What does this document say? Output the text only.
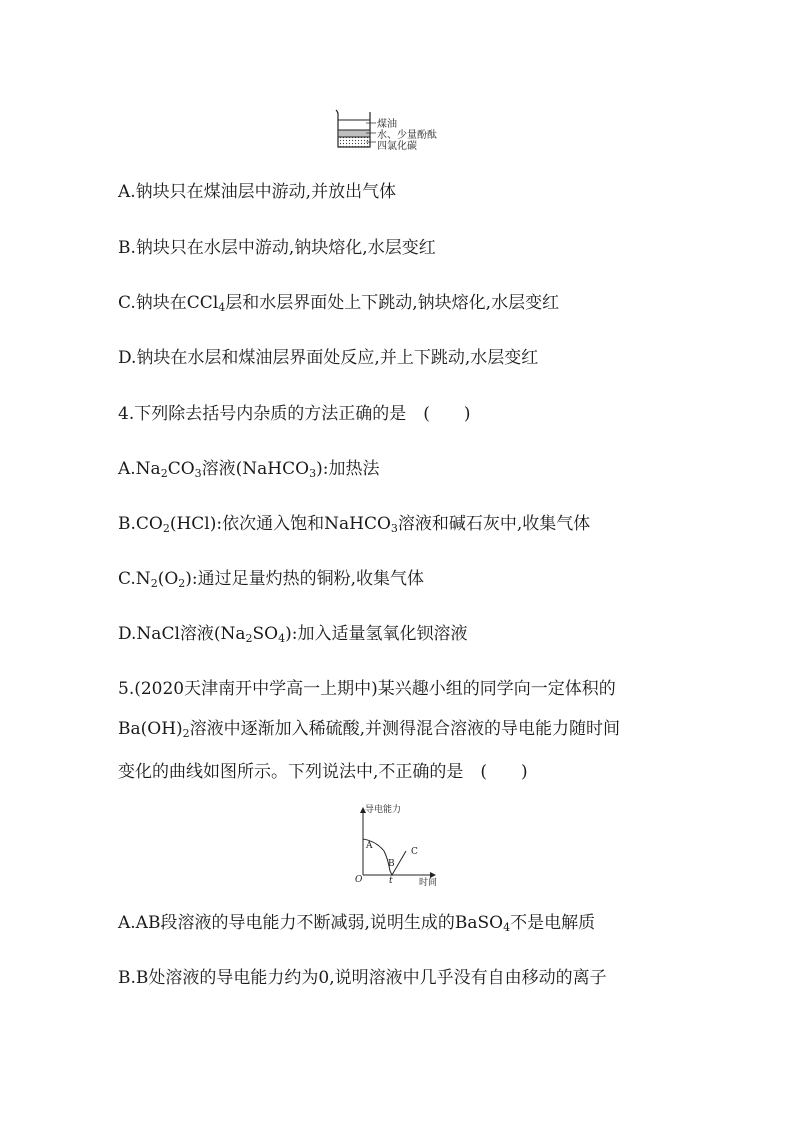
煤油
水、少量酚酞
四氯化碳
A.钠块只在煤油层中游动,并放出气体
B.钠块只在水层中游动,钠块熔化,水层变红
C.钠块在CCl$_4$层和水层界面处上下跳动,钠块熔化,水层变红
D.钠块在水层和煤油层界面处反应,并上下跳动,水层变红
4.下列除去括号内杂质的方法正确的是　(　　)
$A.Na_2CO_3$溶液(NaHCO$_3$):加热法
$B.CO_2(HCl)$:依次通入饱和NaHCO$_3$溶液和碱石灰中,收集气体
$C.N_2(O_2)$:通过足量灼热的铜粉,收集气体
D.NaCl溶液$(Na_2SO_4)$:加入适量氢氧化钡溶液
5.(2020天津南开中学高一上期中)某兴趣小组的同学向一定体积的
$Ba(OH)_2$溶液中逐渐加入稀硫酸,并测得混合溶液的导电能力随时间
变化的曲线如图所示。下列说法中,不正确的是　(　　)
导电能力
时间
O	t
A
B
C
A.AB段溶液的导电能力不断减弱,说明生成的BaSO$_4$不是电解质
B.B处溶液的导电能力约为0,说明溶液中几乎没有自由移动的离子
